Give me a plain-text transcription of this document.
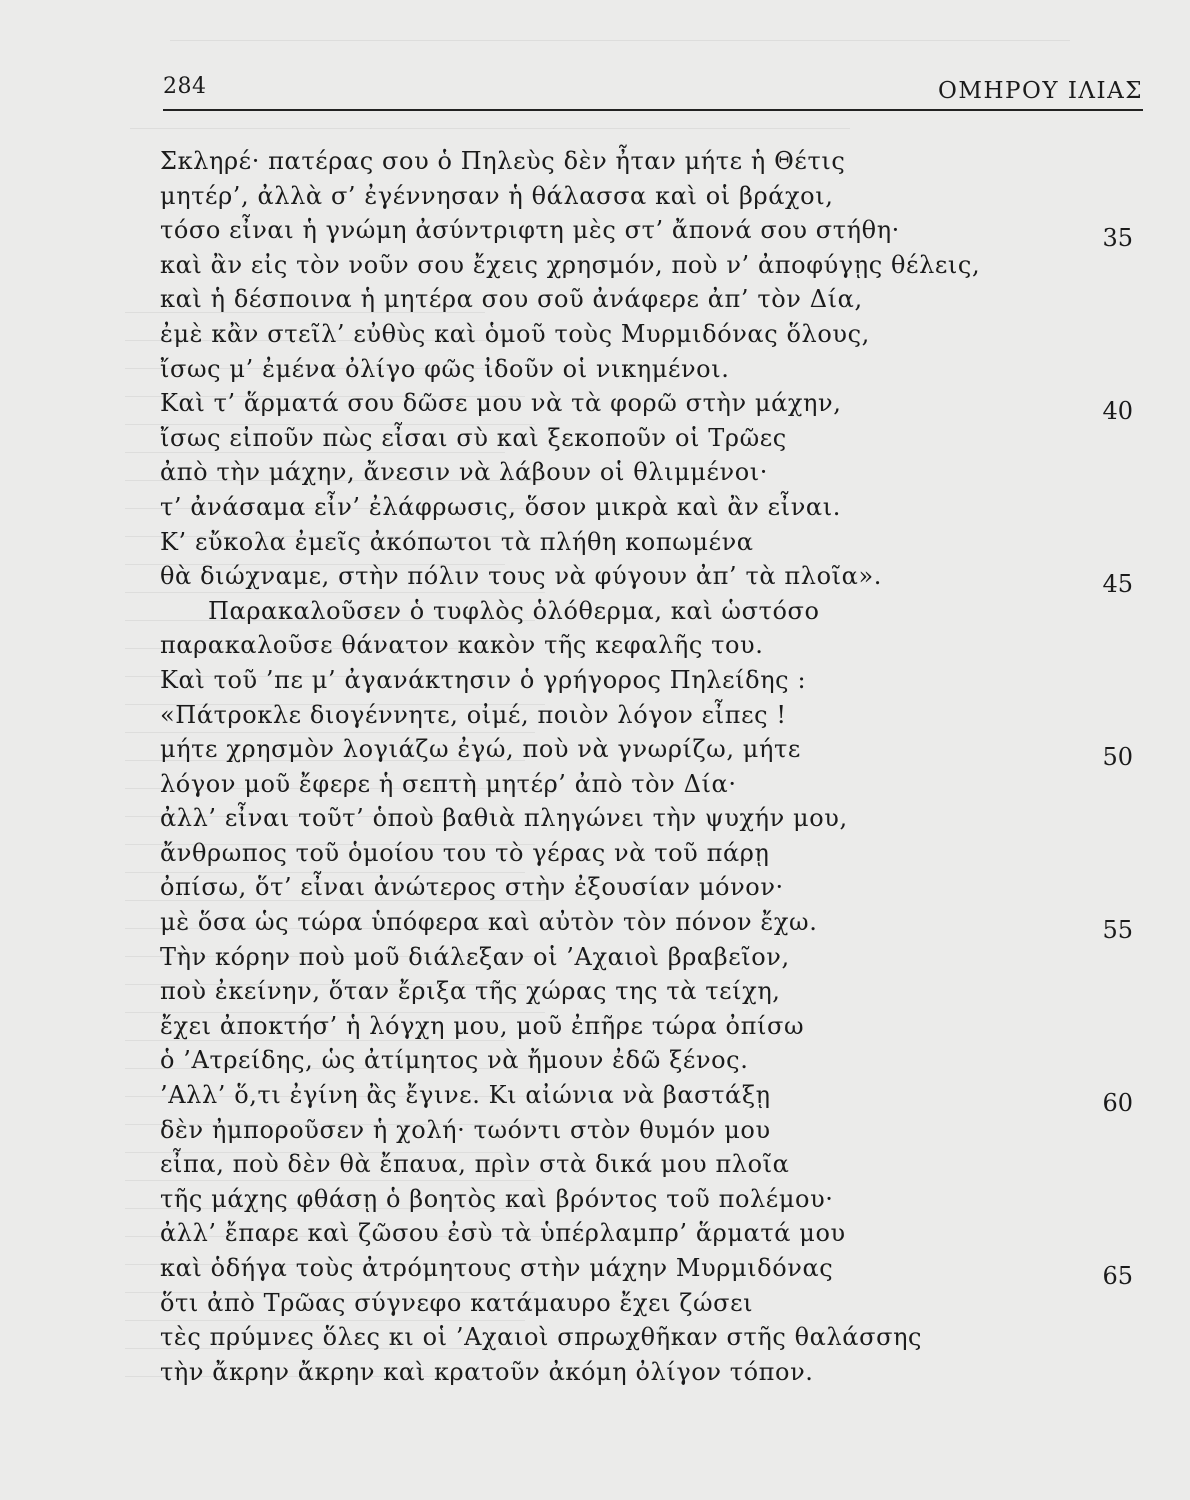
284	ΟΜΗΡΟΥ ΙΛΙΑΣ
Σκληρέ· πατέρας σου ὁ Πηλεὺς δὲν ἦταν μήτε ἡ Θέτις
μητέρ’, ἀλλὰ σ’ ἐγέννησαν ἡ θάλασσα καὶ οἱ βράχοι,
τόσο εἶναι ἡ γνώμη ἀσύντριφτη μὲς στ’ ἄπονά σου στήθη·	35
καὶ ἂν εἰς τὸν νοῦν σου ἔχεις χρησμόν, ποὺ ν’ ἀποφύγῃς θέλεις,
καὶ ἡ δέσποινα ἡ μητέρα σου σοῦ ἀνάφερε ἀπ’ τὸν Δία,
ἐμὲ κἂν στεῖλ’ εὐθὺς καὶ ὁμοῦ τοὺς Μυρμιδόνας ὅλους,
ἴσως μ’ ἐμένα ὀλίγο φῶς ἰδοῦν οἱ νικημένοι.
Καὶ τ’ ἅρματά σου δῶσε μου νὰ τὰ φορῶ στὴν μάχην,	40
ἴσως εἰποῦν πὼς εἶσαι σὺ καὶ ξεκοποῦν οἱ Τρῶες
ἀπὸ τὴν μάχην, ἄνεσιν νὰ λάβουν οἱ θλιμμένοι·
τ’ ἀνάσαμα εἶν’ ἐλάφρωσις, ὅσον μικρὰ καὶ ἂν εἶναι.
Κ’ εὔκολα ἐμεῖς ἀκόπωτοι τὰ πλήθη κοπωμένα
θὰ διώχναμε, στὴν πόλιν τους νὰ φύγουν ἀπ’ τὰ πλοῖα».	45
Παρακαλοῦσεν ὁ τυφλὸς ὁλόθερμα, καὶ ὡστόσο
παρακαλοῦσε θάνατον κακὸν τῆς κεφαλῆς του.
Καὶ τοῦ ’πε μ’ ἀγανάκτησιν ὁ γρήγορος Πηλείδης :
«Πάτροκλε διογέννητε, οἰμέ, ποιὸν λόγον εἶπες !
μήτε χρησμὸν λογιάζω ἐγώ, ποὺ νὰ γνωρίζω, μήτε	50
λόγον μοῦ ἔφερε ἡ σεπτὴ μητέρ’ ἀπὸ τὸν Δία·
ἀλλ’ εἶναι τοῦτ’ ὁποὺ βαθιὰ πληγώνει τὴν ψυχήν μου,
ἄνθρωπος τοῦ ὁμοίου του τὸ γέρας νὰ τοῦ πάρῃ
ὀπίσω, ὅτ’ εἶναι ἀνώτερος στὴν ἐξουσίαν μόνον·
μὲ ὅσα ὡς τώρα ὑπόφερα καὶ αὐτὸν τὸν πόνον ἔχω.	55
Τὴν κόρην ποὺ μοῦ διάλεξαν οἱ ’Αχαιοὶ βραβεῖον,
ποὺ ἐκείνην, ὅταν ἔριξα τῆς χώρας της τὰ τείχη,
ἔχει ἀποκτήσ’ ἡ λόγχη μου, μοῦ ἐπῆρε τώρα ὀπίσω
ὁ ’Ατρείδης, ὡς ἀτίμητος νὰ ἤμουν ἐδῶ ξένος.
’Αλλ’ ὅ,τι ἐγίνη ἂς ἔγινε. Κι αἰώνια νὰ βαστάξῃ	60
δὲν ἠμποροῦσεν ἡ χολή· τωόντι στὸν θυμόν μου
εἶπα, ποὺ δὲν θὰ ἔπαυα, πρὶν στὰ δικά μου πλοῖα
τῆς μάχης φθάσῃ ὁ βοητὸς καὶ βρόντος τοῦ πολέμου·
ἀλλ’ ἔπαρε καὶ ζῶσου ἐσὺ τὰ ὑπέρλαμπρ’ ἅρματά μου
καὶ ὁδήγα τοὺς ἀτρόμητους στὴν μάχην Μυρμιδόνας	65
ὅτι ἀπὸ Τρῶας σύγνεφο κατάμαυρο ἔχει ζώσει
τὲς πρύμνες ὅλες κι οἱ ’Αχαιοὶ σπρωχθῆκαν στῆς θαλάσσης
τὴν ἄκρην ἄκρην καὶ κρατοῦν ἀκόμη ὀλίγον τόπον.
